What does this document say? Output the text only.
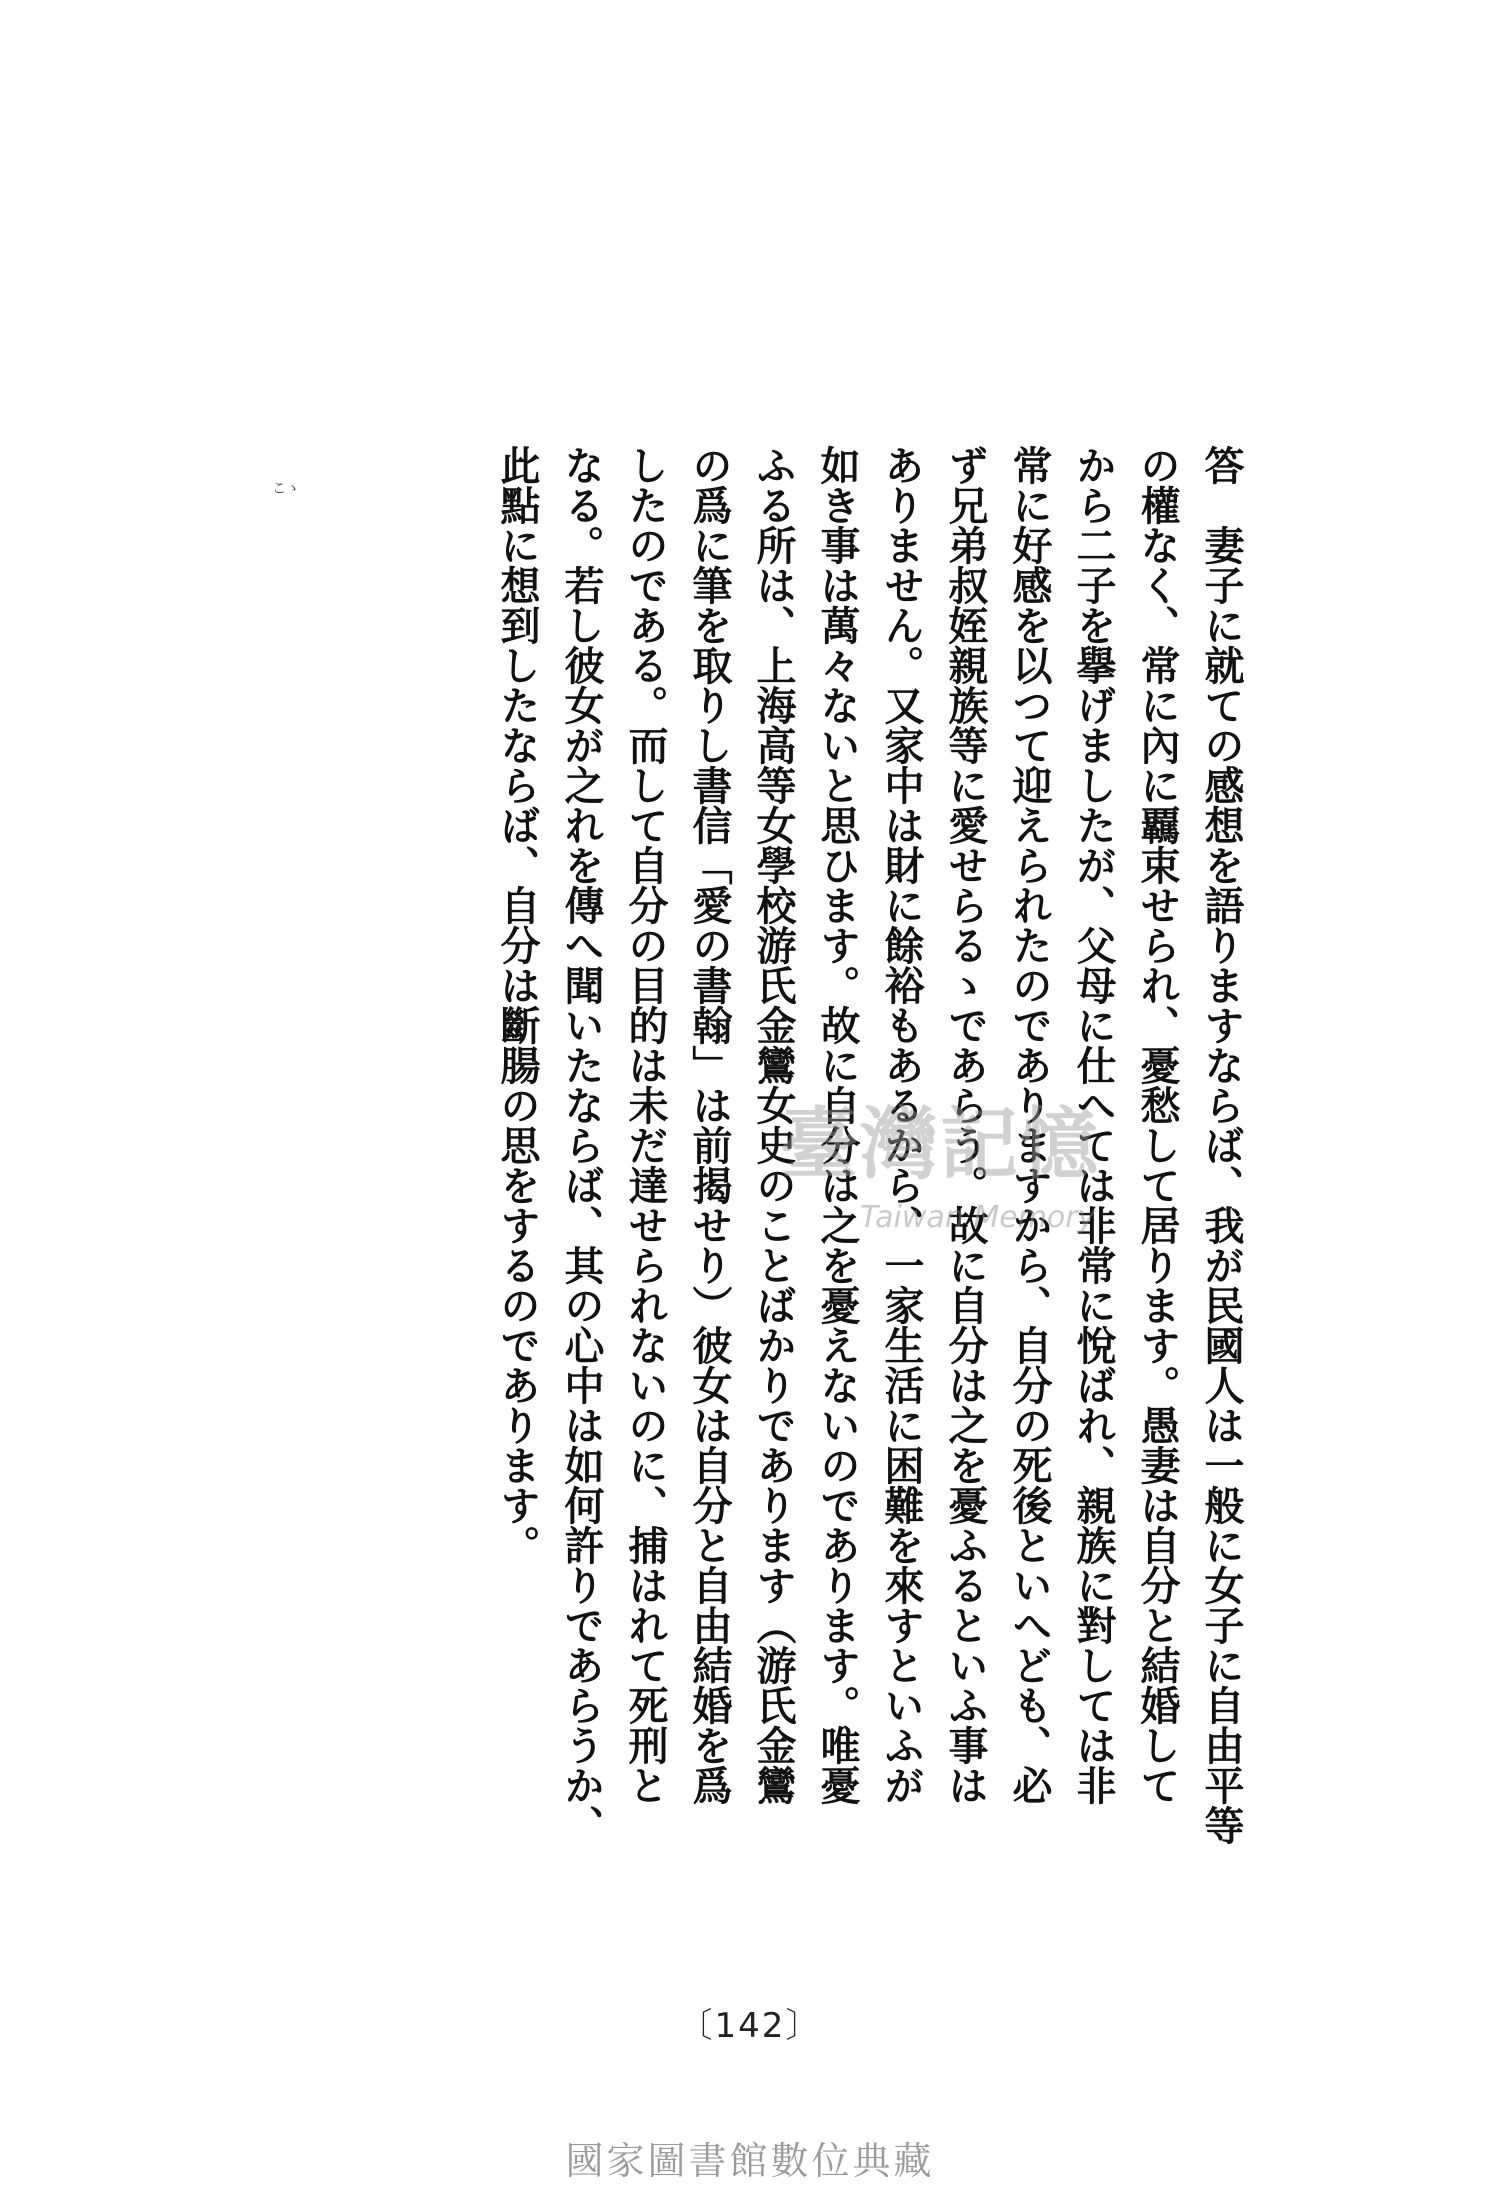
答　妻子に就ての感想を語りますならば、我が民國人は一般に女子に自由平等
の權なく、常に內に覊束せられ、憂愁して居ります。愚妻は自分と結婚して
から二子を擧げましたが、父母に仕へては非常に悅ばれ、親族に對しては非
常に好感を以つて迎えられたのでありますから、自分の死後といへども、必
ず兄弟叔姪親族等に愛せらるゝであらう。故に自分は之を憂ふるといふ事は
ありません。又家中は財に餘裕もあるから、一家生活に困難を來すといふが
如き事は萬々ないと思ひます。故に自分は之を憂えないのであります。唯憂
ふる所は、上海高等女學校游氏金鸞女史のことばかりであります（游氏金鸞
の爲に筆を取りし書信「愛の書翰」は前揭せり）彼女は自分と自由結婚を爲
したのである。而して自分の目的は未だ達せられないのに、捕はれて死刑と
なる。若し彼女が之れを傳へ聞いたならば、其の心中は如何許りであらうか、
此點に想到したならば、自分は斷腸の思をするのであります。
こゝ
臺灣記憶
Taiwan Memory
〔142〕
國家圖書館數位典藏
